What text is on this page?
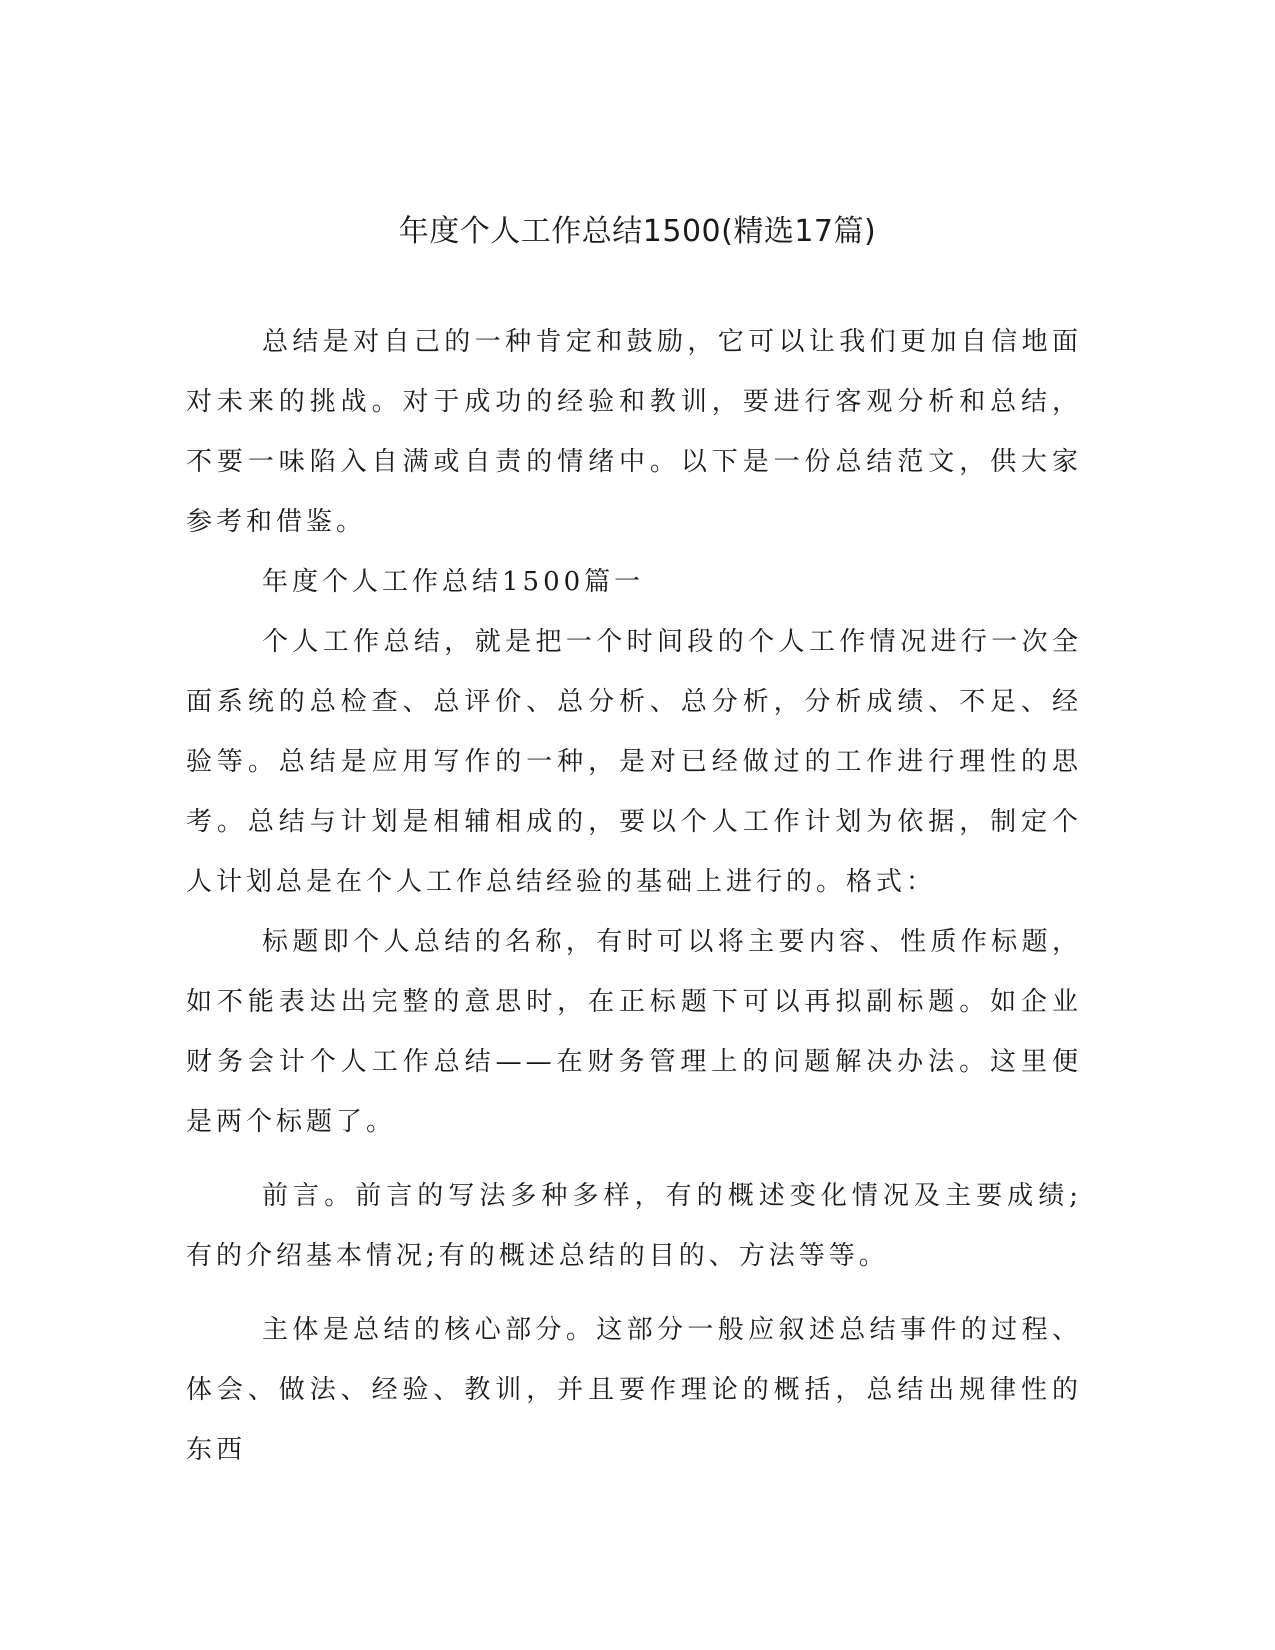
年度个人工作总结1500(精选17篇)

总结是对自己的一种肯定和鼓励，它可以让我们更加自信地面对未来的挑战。对于成功的经验和教训，要进行客观分析和总结，不要一味陷入自满或自责的情绪中。以下是一份总结范文，供大家参考和借鉴。

年度个人工作总结1500篇一

个人工作总结，就是把一个时间段的个人工作情况进行一次全面系统的总检查、总评价、总分析、总分析，分析成绩、不足、经验等。总结是应用写作的一种，是对已经做过的工作进行理性的思考。总结与计划是相辅相成的，要以个人工作计划为依据，制定个人计划总是在个人工作总结经验的基础上进行的。格式：

标题即个人总结的名称，有时可以将主要内容、性质作标题，如不能表达出完整的意思时，在正标题下可以再拟副标题。如企业财务会计个人工作总结——在财务管理上的问题解决办法。这里便是两个标题了。

前言。前言的写法多种多样，有的概述变化情况及主要成绩;有的介绍基本情况;有的概述总结的目的、方法等等。

主体是总结的核心部分。这部分一般应叙述总结事件的过程、体会、做法、经验、教训，并且要作理论的概括，总结出规律性的东西
